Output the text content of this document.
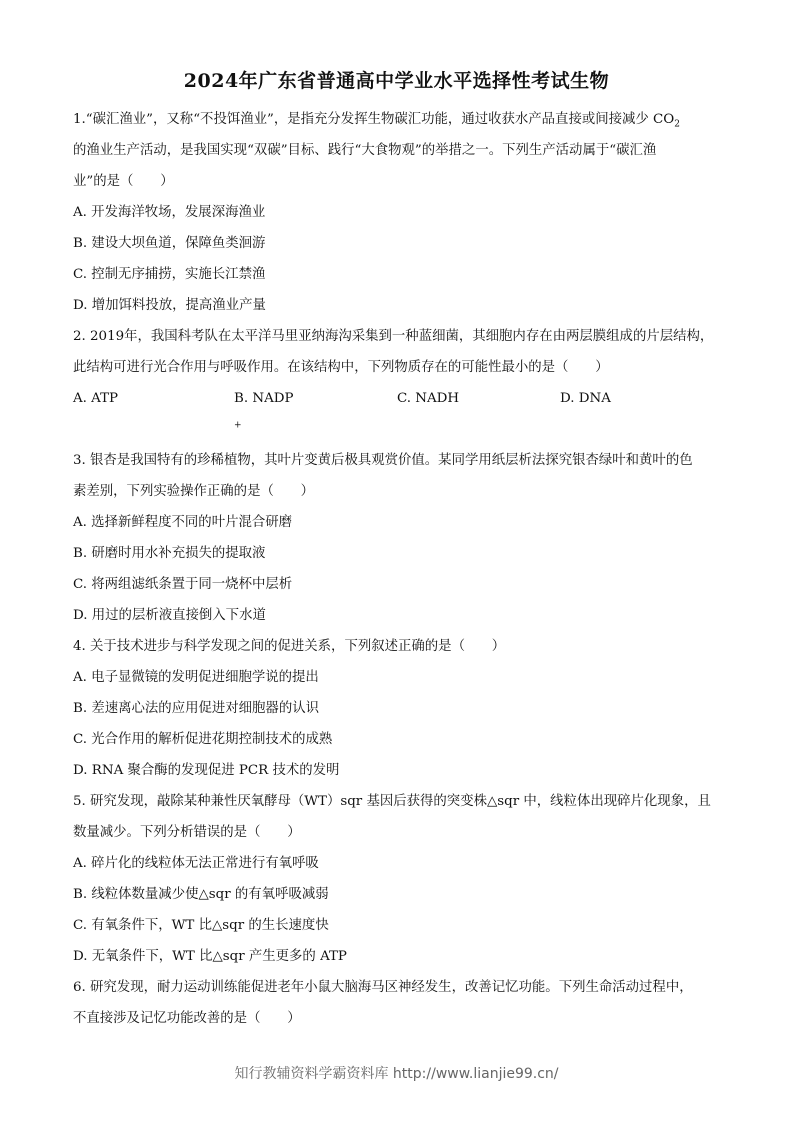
2024年广东省普通高中学业水平选择性考试生物

1.“碳汇渔业”，又称“不投饵渔业”，是指充分发挥生物碳汇功能，通过收获水产品直接或间接减少 $CO_2$

的渔业生产活动，是我国实现“双碳”目标、践行“大食物观”的举措之一。下列生产活动属于“碳汇渔

业”的是（　　）

A. 开发海洋牧场，发展深海渔业

B. 建设大坝鱼道，保障鱼类洄游

C. 控制无序捕捞，实施长江禁渔

D. 增加饵料投放，提高渔业产量

2. 2019年，我国科考队在太平洋马里亚纳海沟采集到一种蓝细菌，其细胞内存在由两层膜组成的片层结构，

此结构可进行光合作用与呼吸作用。在该结构中，下列物质存在的可能性最小的是（　　）

A. ATP	B. NADP+
C. NADH	D. DNA

3. 银杏是我国特有的珍稀植物，其叶片变黄后极具观赏价值。某同学用纸层析法探究银杏绿叶和黄叶的色

素差别，下列实验操作正确的是（　　）

A. 选择新鲜程度不同的叶片混合研磨

B. 研磨时用水补充损失的提取液

C. 将两组滤纸条置于同一烧杯中层析

D. 用过的层析液直接倒入下水道

4. 关于技术进步与科学发现之间的促进关系，下列叙述正确的是（　　）

A. 电子显微镜的发明促进细胞学说的提出

B. 差速离心法的应用促进对细胞器的认识

C. 光合作用的解析促进花期控制技术的成熟

D. RNA 聚合酶的发现促进 PCR 技术的发明

5. 研究发现，敲除某种兼性厌氧酵母（WT）sqr 基因后获得的突变株△sqr 中，线粒体出现碎片化现象，且

数量减少。下列分析错误的是（　　）

A. 碎片化的线粒体无法正常进行有氧呼吸

B. 线粒体数量减少使△sqr 的有氧呼吸减弱

C. 有氧条件下，WT 比△sqr 的生长速度快

D. 无氧条件下，WT 比△sqr 产生更多的 ATP

6. 研究发现，耐力运动训练能促进老年小鼠大脑海马区神经发生，改善记忆功能。下列生命活动过程中，

不直接涉及记忆功能改善的是（　　）

知行教辅资料学霸资料库 http://www.lianjie99.cn/
